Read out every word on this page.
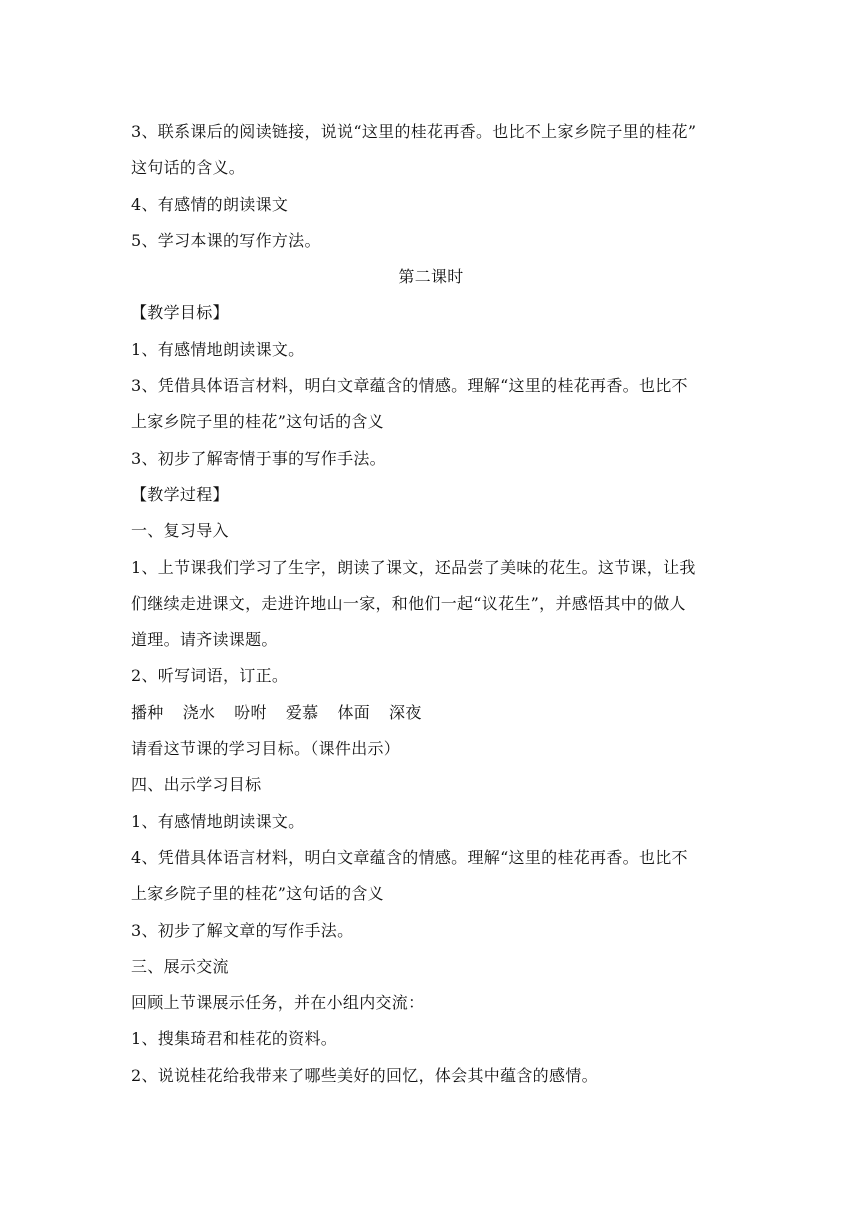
3、联系课后的阅读链接，说说“这里的桂花再香。也比不上家乡院子里的桂花”
这句话的含义。
4、有感情的朗读课文
5、学习本课的写作方法。
第二课时
【教学目标】
1、有感情地朗读课文。
3、凭借具体语言材料，明白文章蕴含的情感。理解“这里的桂花再香。也比不
上家乡院子里的桂花”这句话的含义
3、初步了解寄情于事的写作手法。
【教学过程】
一、复习导入
1、上节课我们学习了生字，朗读了课文，还品尝了美味的花生。这节课，让我
们继续走进课文，走进许地山一家，和他们一起“议花生”，并感悟其中的做人
道理。请齐读课题。
2、听写词语，订正。
播种 浇水 吩咐 爱慕 体面 深夜
请看这节课的学习目标。（课件出示）
四、出示学习目标
1、有感情地朗读课文。
4、凭借具体语言材料，明白文章蕴含的情感。理解“这里的桂花再香。也比不
上家乡院子里的桂花”这句话的含义
3、初步了解文章的写作手法。
三、展示交流
回顾上节课展示任务，并在小组内交流：
1、搜集琦君和桂花的资料。
2、说说桂花给我带来了哪些美好的回忆，体会其中蕴含的感情。
